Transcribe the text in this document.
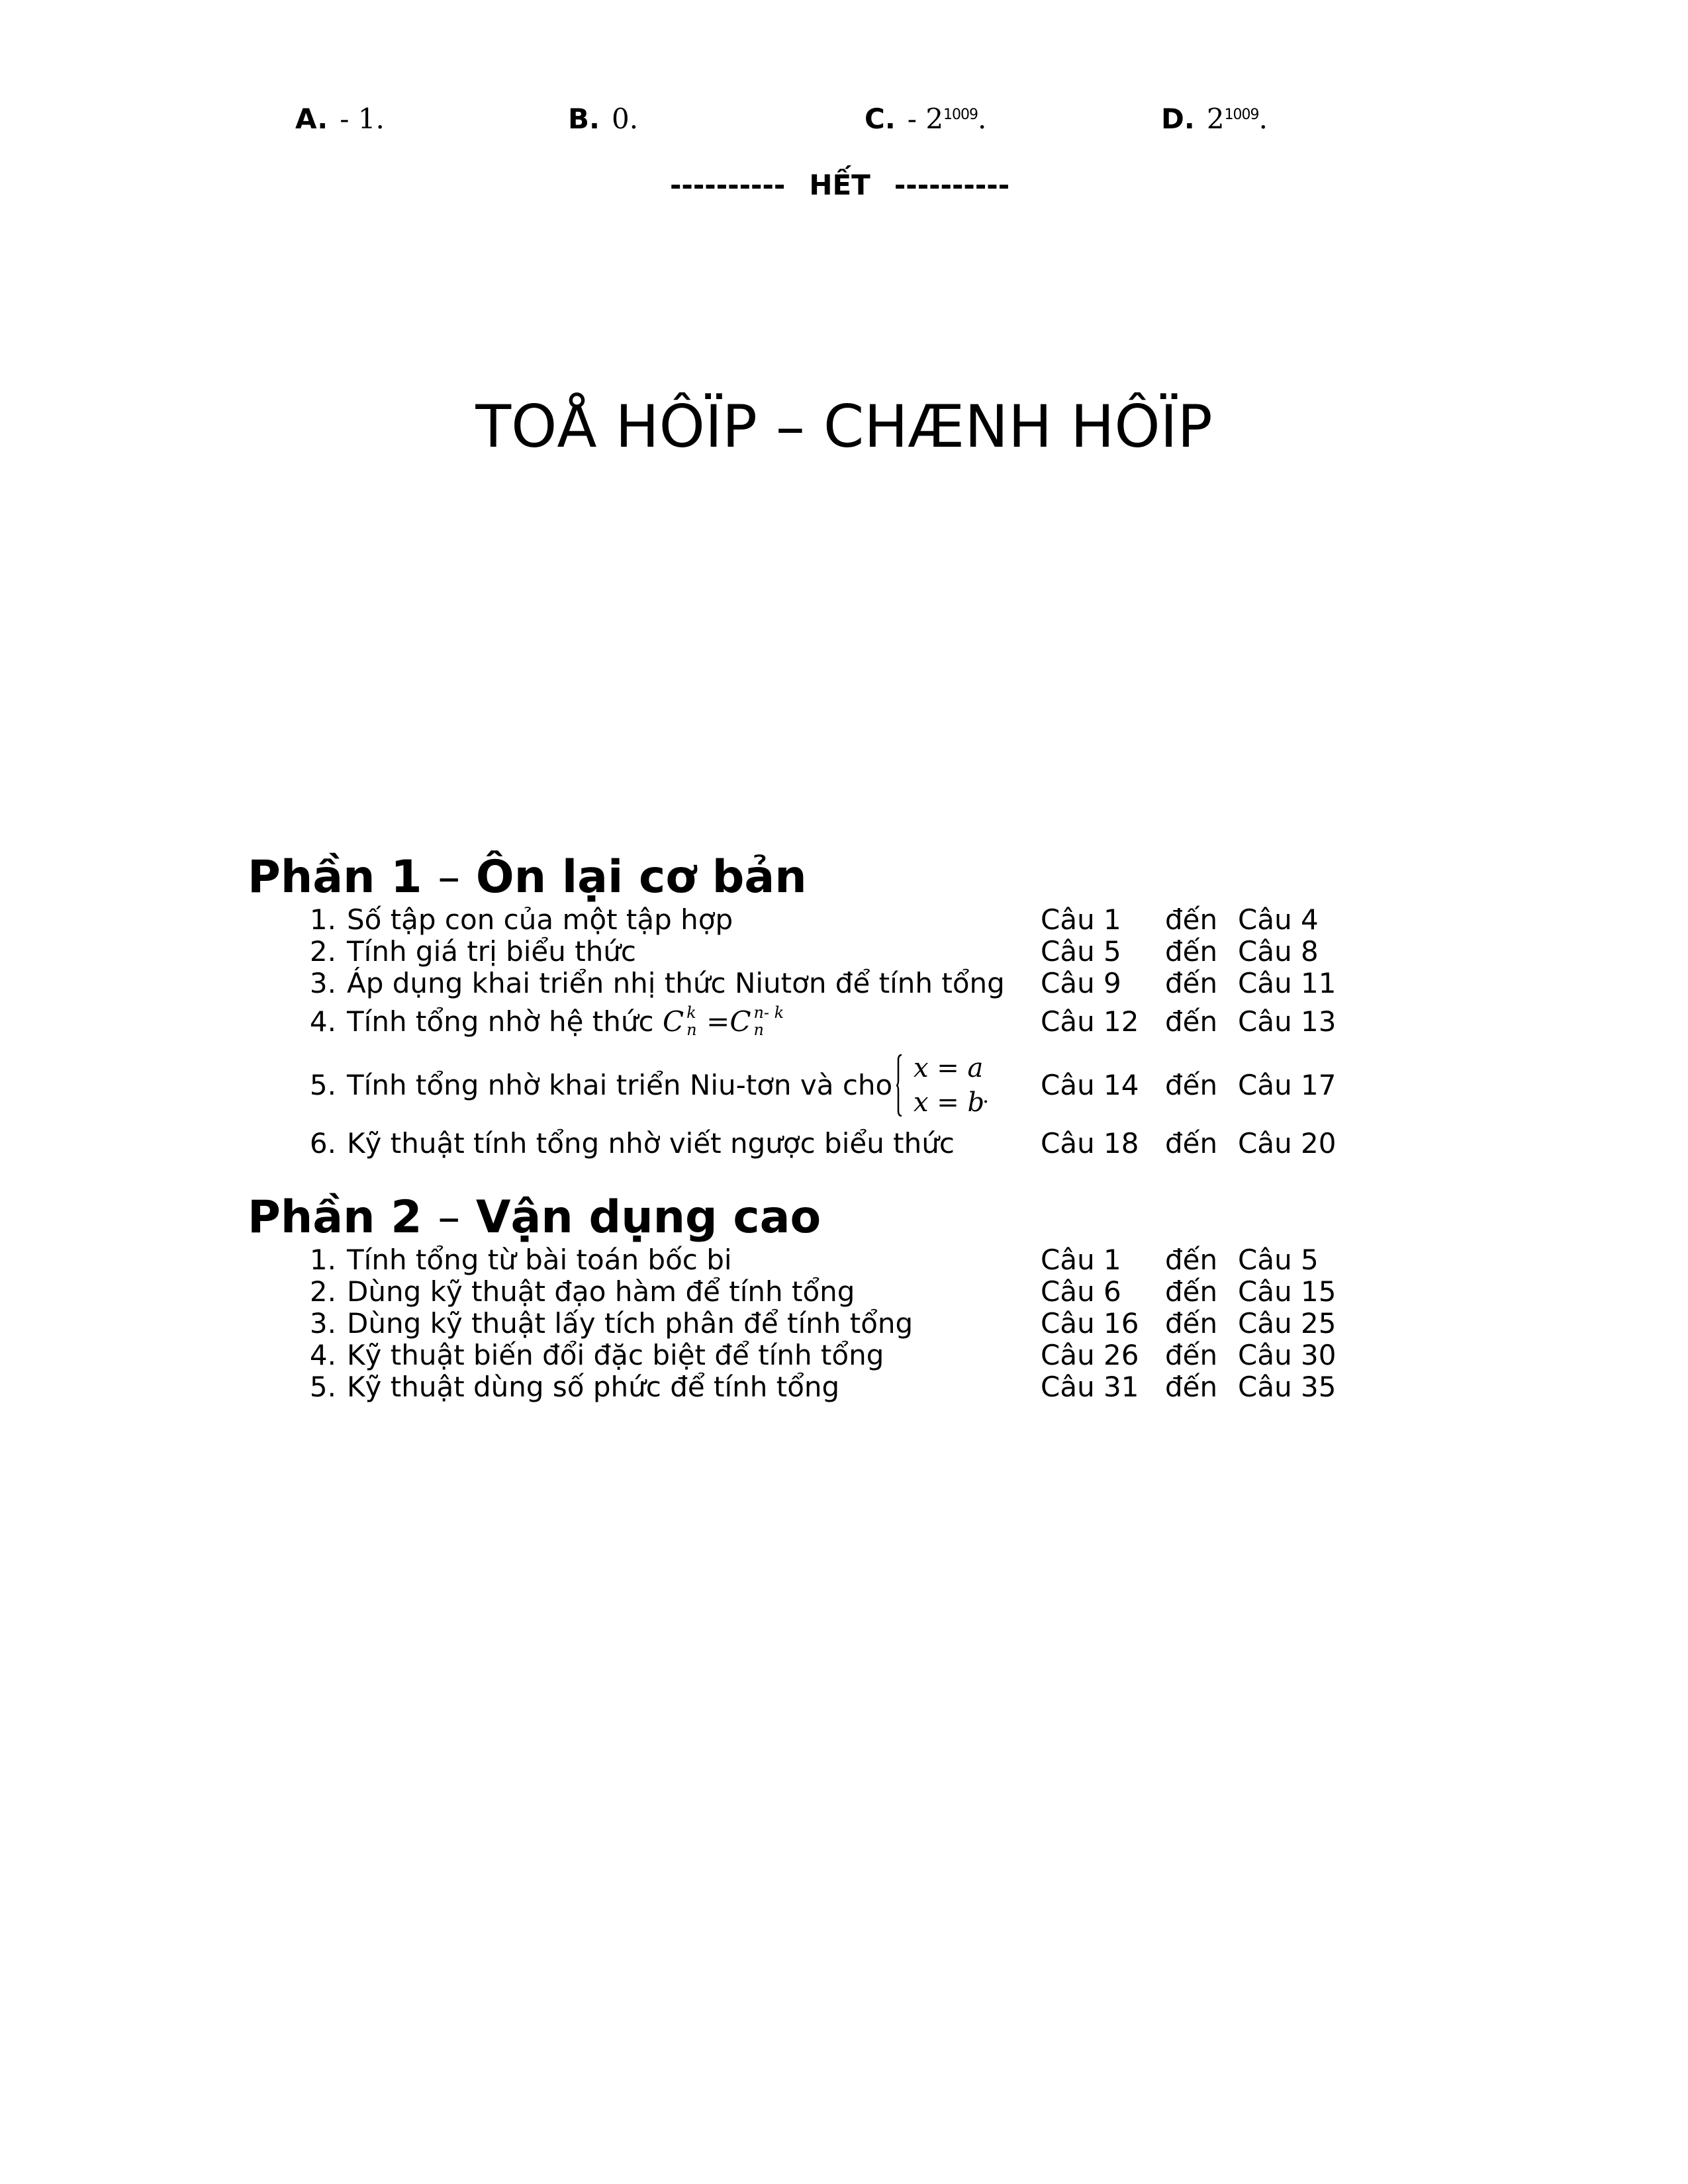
A. - 1.	B. 0.	C. - $2^{1009}$.	D. $2^{1009}$.
---------- HẾT ----------
TOÅ HÔÏP – CHÆNH HÔÏP
Phần 1 – Ôn lại cơ bản
1. Số tập con của một tập hợp	Câu 1 đến Câu 4
2. Tính giá trị biểu thức	Câu 5 đến Câu 8
3. Áp dụng khai triển nhị thức Niutơn để tính tổng Câu 9 đến Câu 11
4. Tính tổng nhờ hệ thức C k
n =C n- k
n	Câu 12 đến Câu 13
5. Tính tổng nhờ khai triển Niu-tơn và cho	Câu 14 đến Câu 17
x = a
x = b
.
6. Kỹ thuật tính tổng nhờ viết ngược biểu thức	Câu 18 đến Câu 20
Phần 2 – Vận dụng cao
1. Tính tổng từ bài toán bốc bi	Câu 1 đến Câu 5
2. Dùng kỹ thuật đạo hàm để tính tổng	Câu 6 đến Câu 15
3. Dùng kỹ thuật lấy tích phân để tính tổng	Câu 16 đến Câu 25
4. Kỹ thuật biến đổi đặc biệt để tính tổng	Câu 26 đến Câu 30
5. Kỹ thuật dùng số phức để tính tổng	Câu 31 đến Câu 35
